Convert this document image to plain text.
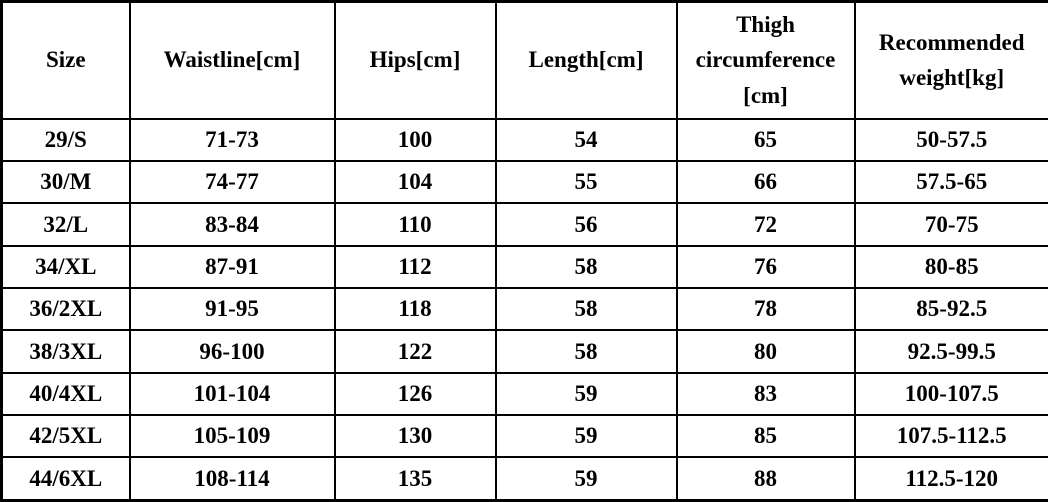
Size	Waistline[cm]	Hips[cm]	Length[cm]	Thigh circumference [cm]	Recommended weight[kg]
29/S	71-73	100	54	65	50-57.5
30/M	74-77	104	55	66	57.5-65
32/L	83-84	110	56	72	70-75
34/XL	87-91	112	58	76	80-85
36/2XL	91-95	118	58	78	85-92.5
38/3XL	96-100	122	58	80	92.5-99.5
40/4XL	101-104	126	59	83	100-107.5
42/5XL	105-109	130	59	85	107.5-112.5
44/6XL	108-114	135	59	88	112.5-120
